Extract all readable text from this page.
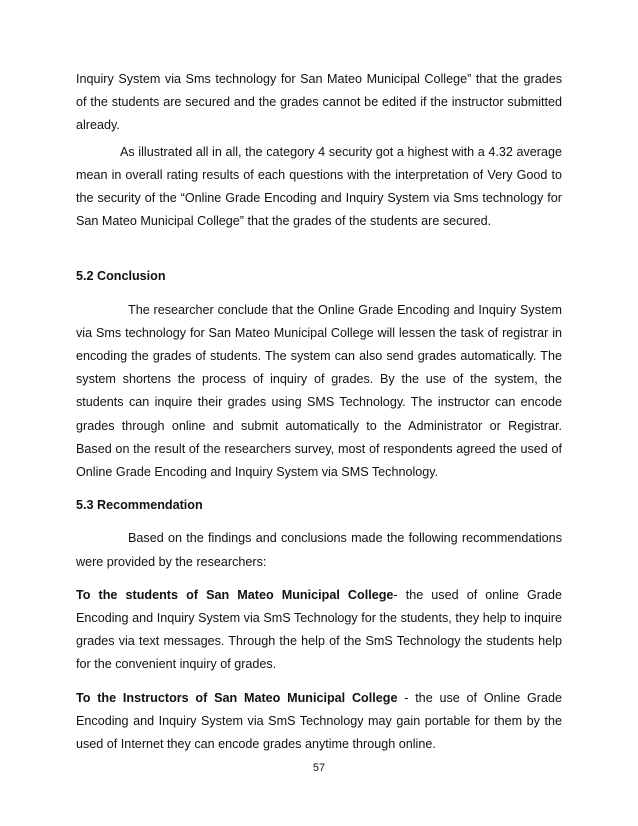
Inquiry System via Sms technology for San Mateo Municipal College” that the grades of the students are secured and the grades cannot be edited if the instructor submitted already.

As illustrated all in all, the category 4 security got a highest with a 4.32 average mean in overall rating results of each questions with the interpretation of Very Good to the security of the “Online Grade Encoding and Inquiry System via Sms technology for San Mateo Municipal College” that the grades of the students are secured.

5.2 Conclusion

The researcher conclude that the Online Grade Encoding and Inquiry System via Sms technology for San Mateo Municipal College will lessen the task of registrar in encoding the grades of students. The system can also send grades automatically. The system shortens the process of inquiry of grades. By the use of the system, the students can inquire their grades using SMS Technology. The instructor can encode grades through online and submit automatically to the Administrator or Registrar. Based on the result of the researchers survey, most of respondents agreed the used of Online Grade Encoding and Inquiry System via SMS Technology.

5.3 Recommendation

Based on the findings and conclusions made the following recommendations were provided by the researchers:

To the students of San Mateo Municipal College- the used of online Grade Encoding and Inquiry System via SmS Technology for the students, they help to inquire grades via text messages. Through the help of the SmS Technology the students help for the convenient inquiry of grades.

To the Instructors of San Mateo Municipal College - the use of Online Grade Encoding and Inquiry System via SmS Technology may gain portable for them by the used of Internet they can encode grades anytime through online.

57
